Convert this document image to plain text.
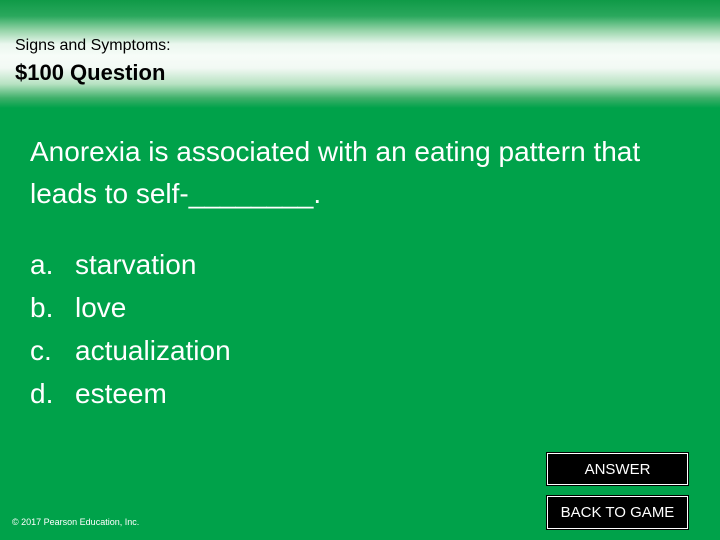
Signs and Symptoms:
$100 Question
Anorexia is associated with an eating pattern that leads to self-________.
a. starvation
b. love
c. actualization
d. esteem
ANSWER
BACK TO GAME
© 2017 Pearson Education, Inc.
